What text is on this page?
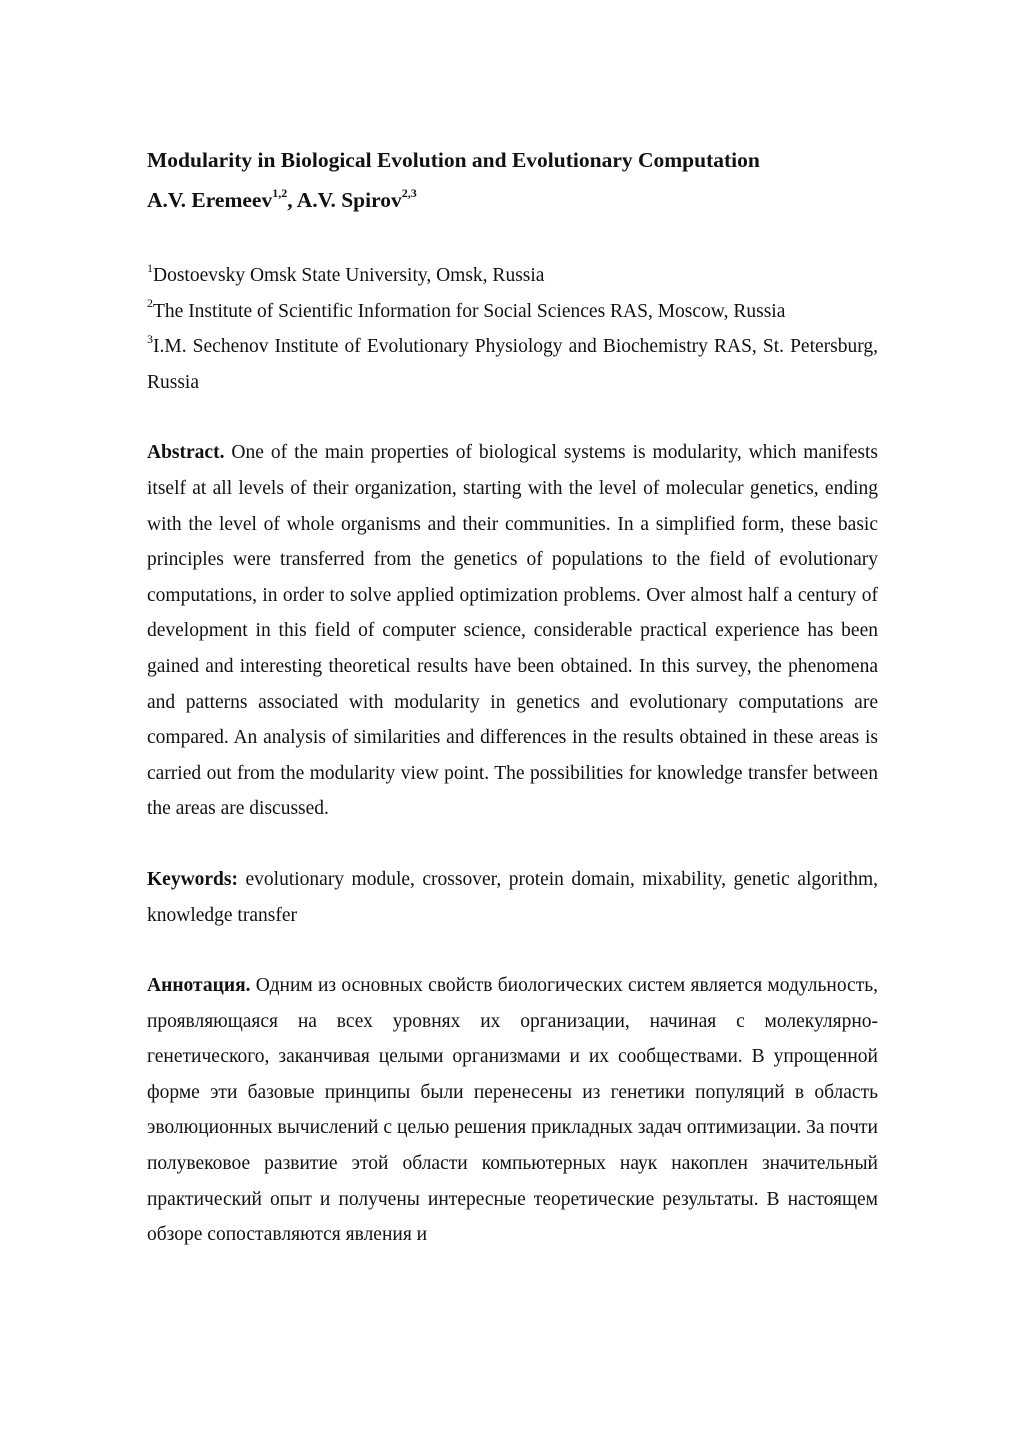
Modularity in Biological Evolution and Evolutionary Computation
A.V. Eremeev$^{1,2}$, A.V. Spirov$^{2,3}$

$^1$Dostoevsky Omsk State University, Omsk, Russia

$^2$The Institute of Scientific Information for Social Sciences RAS, Moscow, Russia

$^3$I.M. Sechenov Institute of Evolutionary Physiology and Biochemistry RAS, St. Petersburg, Russia

Abstract. One of the main properties of biological systems is modularity, which manifests itself at all levels of their organization, starting with the level of molecular genetics, ending with the level of whole organisms and their communities. In a simplified form, these basic principles were transferred from the genetics of populations to the field of evolutionary computations, in order to solve applied optimization problems. Over almost half a century of development in this field of computer science, considerable practical experience has been gained and interesting theoretical results have been obtained. In this survey, the phenomena and patterns associated with modularity in genetics and evolutionary computations are compared. An analysis of similarities and differences in the results obtained in these areas is carried out from the modularity view point. The possibilities for knowledge transfer between the areas are discussed.

Keywords: evolutionary module, crossover, protein domain, mixability, genetic algorithm, knowledge transfer

Аннотация. Одним из основных свойств биологических систем является модульность, проявляющаяся на всех уровнях их организации, начиная с молекулярно-генетического, заканчивая целыми организмами и их сообществами. В упрощенной форме эти базовые принципы были перенесены из генетики популяций в область эволюционных вычислений с целью решения прикладных задач оптимизации. За почти полувековое развитие этой области компьютерных наук накоплен значительный практический опыт и получены интересные теоретические результаты. В настоящем обзоре сопоставляются явления и
